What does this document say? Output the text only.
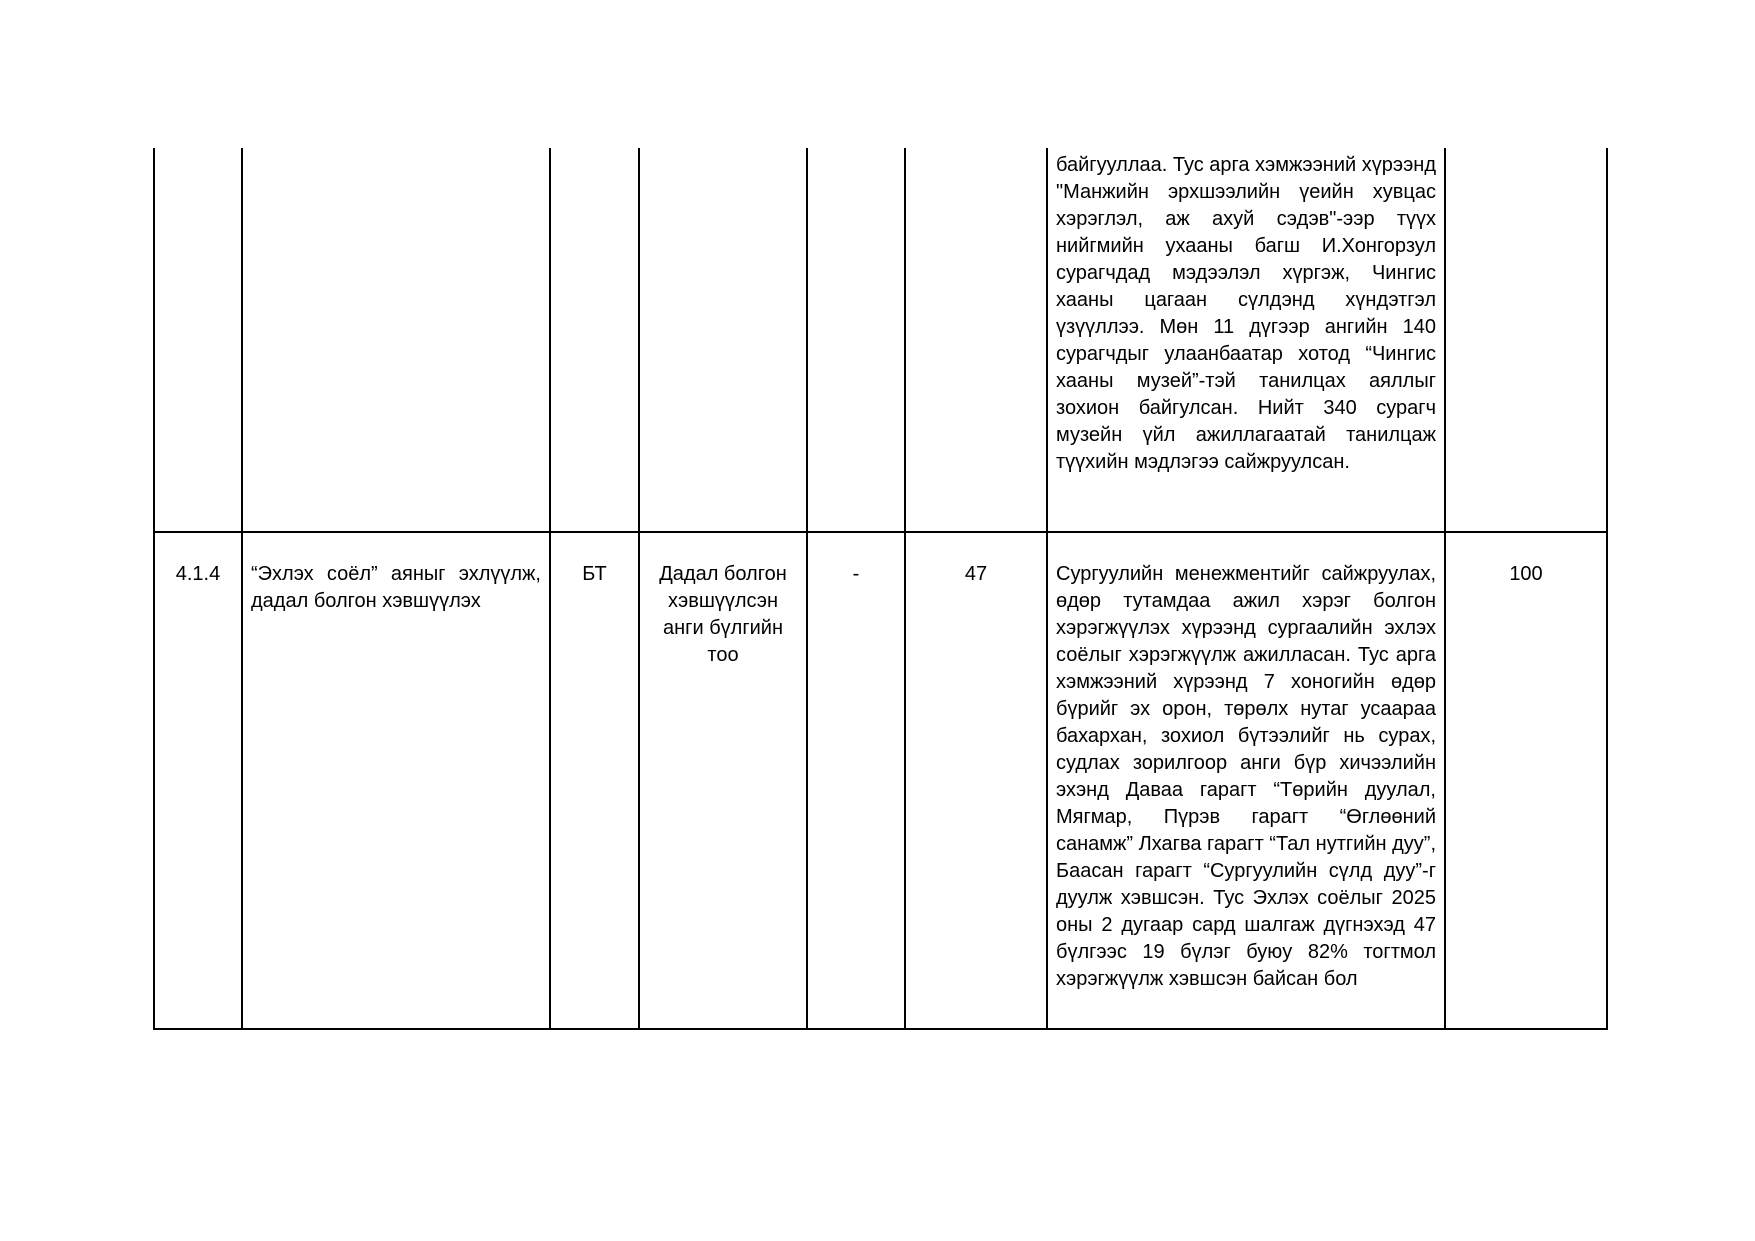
						байгууллаа. Тус арга хэмжээний хүрээнд "Манжийн эрхшээлийн үеийн хувцас хэрэглэл, аж ахуй сэдэв"-ээр түүх нийгмийн ухааны багш И.Хонгорзул сурагчдад мэдээлэл хүргэж, Чингис хааны цагаан сүлдэнд хүндэтгэл үзүүллээ. Мөн 11 дүгээр ангийн 140 сурагчдыг улаанбаатар хотод “Чингис хааны музей”-тэй танилцах аяллыг зохион байгулсан. Нийт 340 сурагч музейн үйл ажиллагаатай танилцаж түүхийн мэдлэгээ сайжруулсан.	
4.1.4	“Эхлэх соёл” аяныг эхлүүлж, дадал болгон хэвшүүлэх	БТ	Дадал болгон хэвшүүлсэн анги бүлгийн тоо	-	47	Сургуулийн менежментийг сайжруулах, өдөр тутамдаа ажил хэрэг болгон хэрэгжүүлэх хүрээнд сургаалийн эхлэх соёлыг хэрэгжүүлж ажилласан. Тус арга хэмжээний хүрээнд 7 хоногийн өдөр бүрийг эх орон, төрөлх нутаг усаараа бахархан, зохиол бүтээлийг нь сурах, судлах зорилгоор анги бүр хичээлийн эхэнд Даваа гарагт “Төрийн дуулал, Мягмар, Пүрэв гарагт “Өглөөний санамж” Лхагва гарагт “Тал нутгийн дуу”, Баасан гарагт “Сургуулийн сүлд дуу”-г дуулж хэвшсэн. Тус Эхлэх соёлыг 2025 оны 2 дугаар сард шалгаж дүгнэхэд 47 бүлгээс 19 бүлэг буюу 82% тогтмол хэрэгжүүлж хэвшсэн байсан бол	100
